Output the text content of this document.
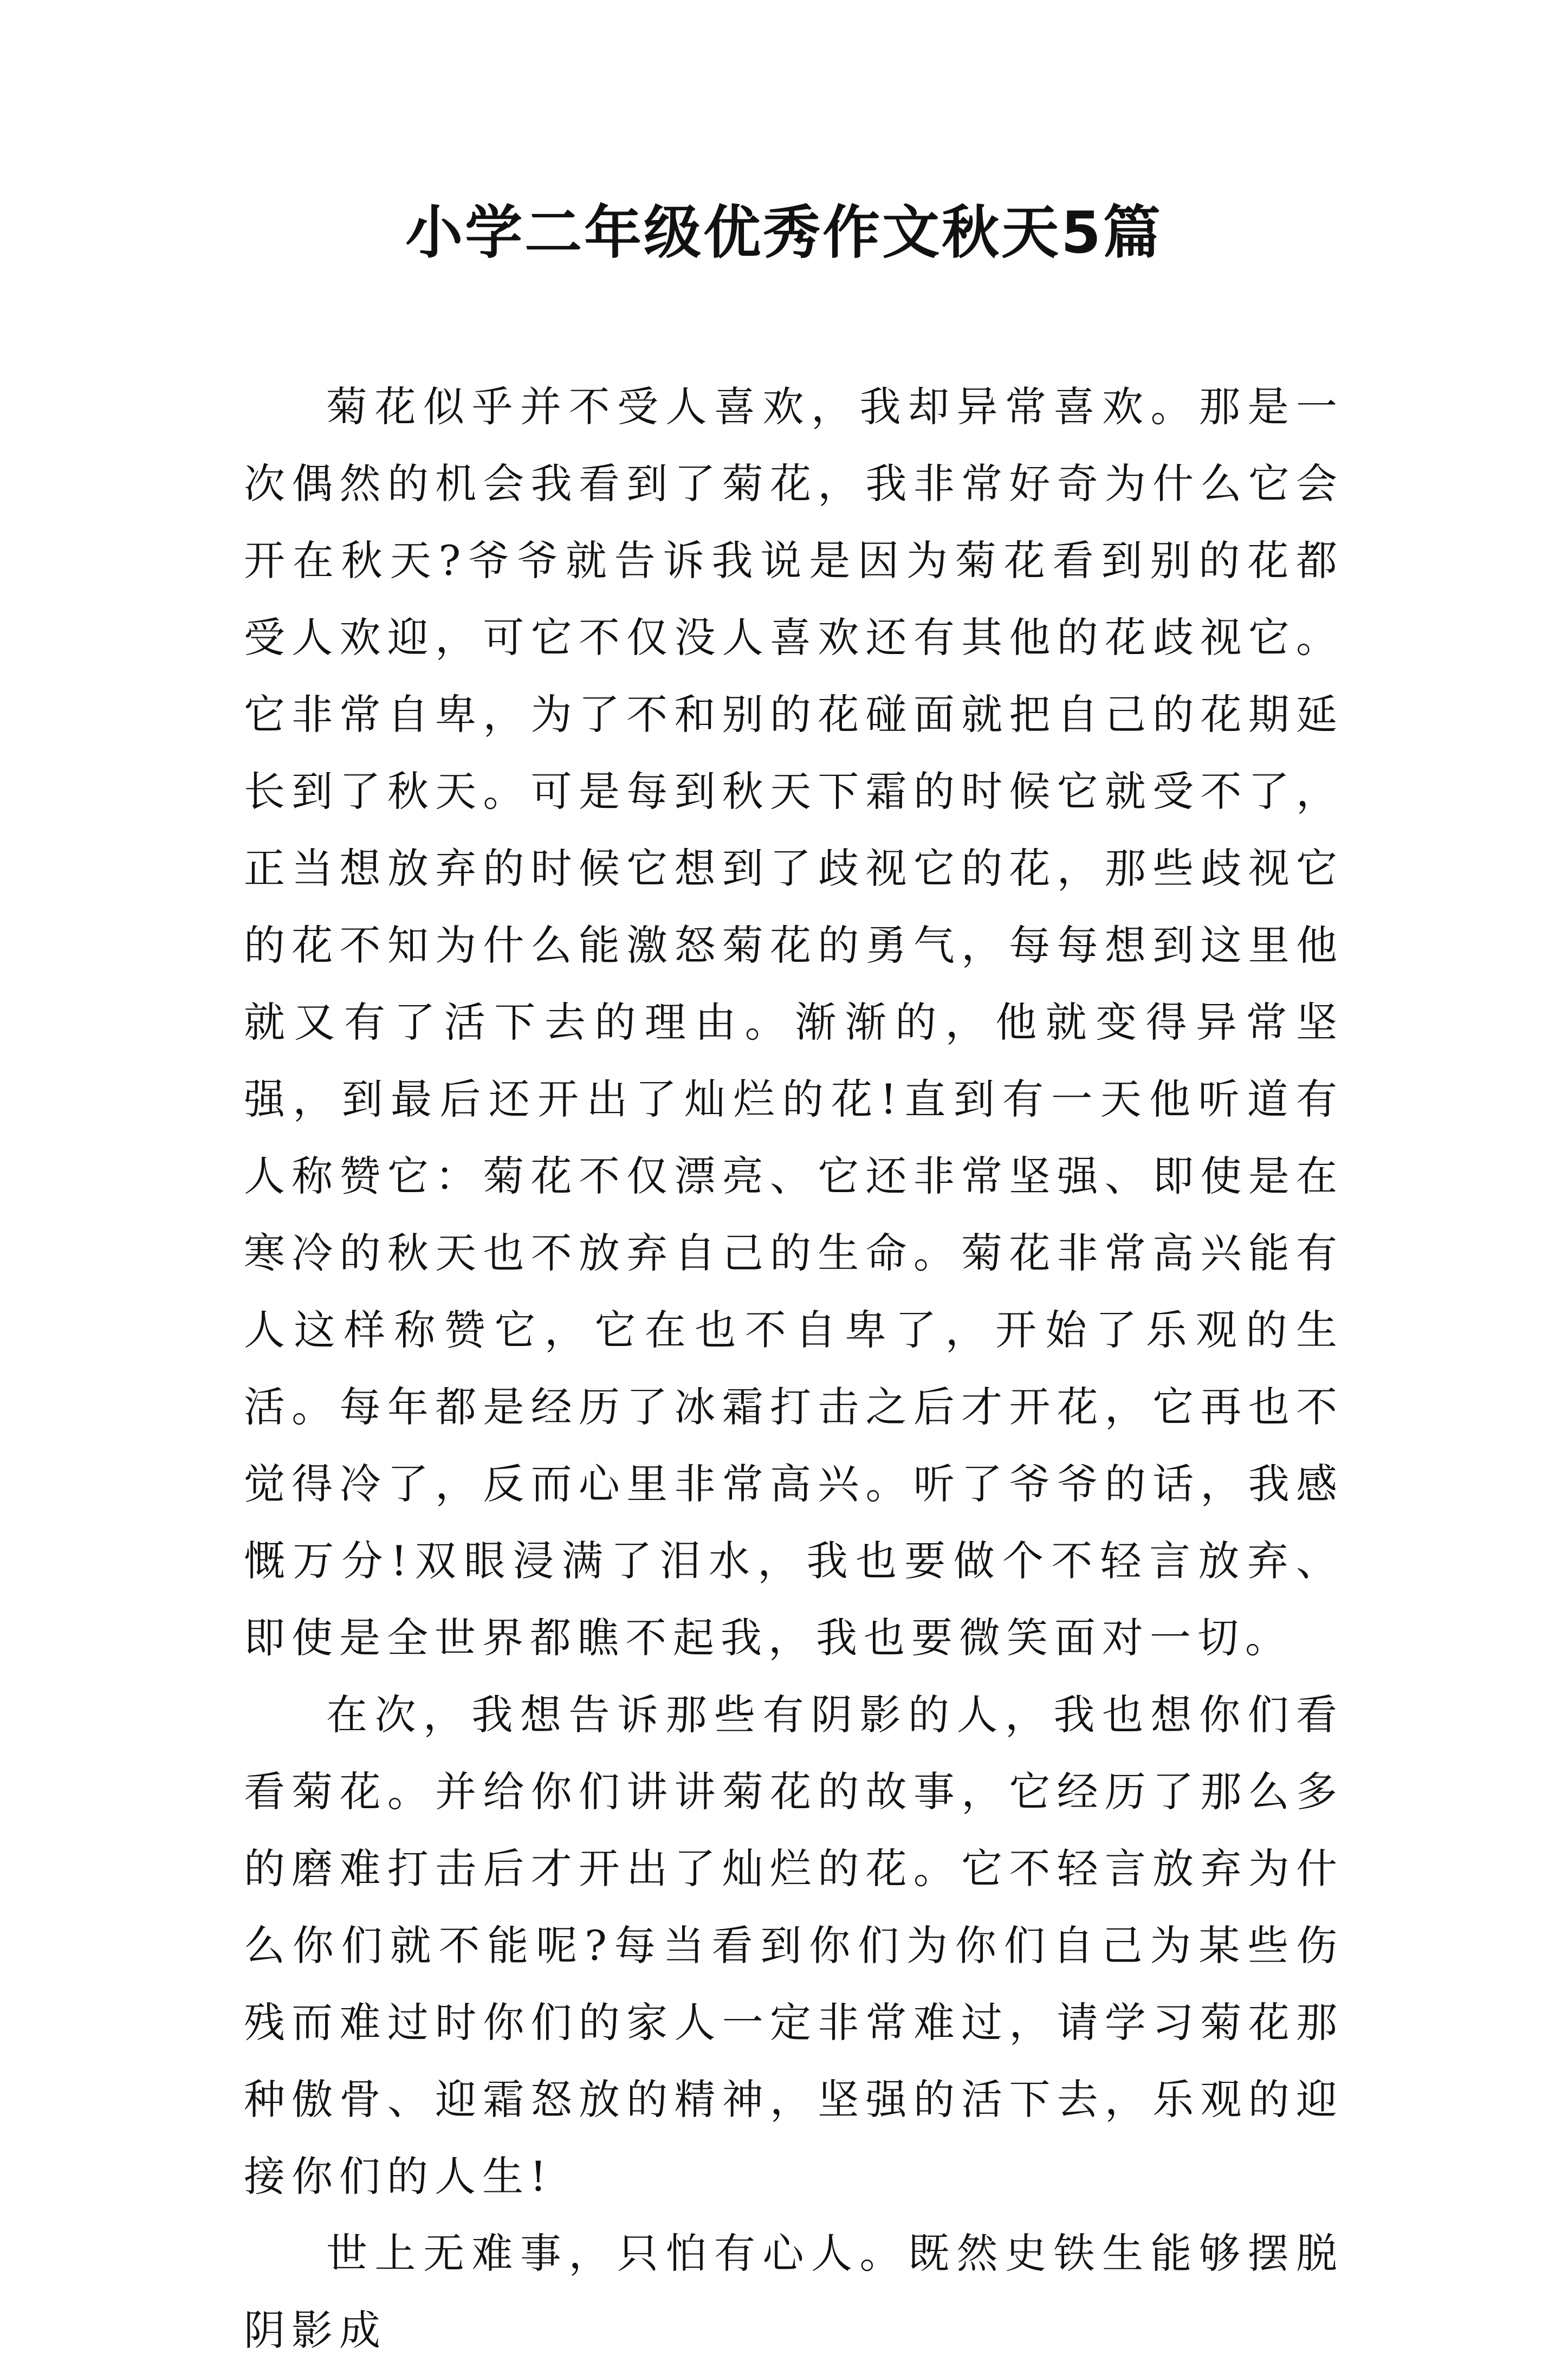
小学二年级优秀作文秋天5篇

菊花似乎并不受人喜欢，我却异常喜欢。那是一次偶然的机会我看到了菊花，我非常好奇为什么它会开在秋天?爷爷就告诉我说是因为菊花看到别的花都受人欢迎，可它不仅没人喜欢还有其他的花歧视它。它非常自卑，为了不和别的花碰面就把自己的花期延长到了秋天。可是每到秋天下霜的时候它就受不了，正当想放弃的时候它想到了歧视它的花，那些歧视它的花不知为什么能激怒菊花的勇气，每每想到这里他就又有了活下去的理由。渐渐的，他就变得异常坚强，到最后还开出了灿烂的花!直到有一天他听道有人称赞它：菊花不仅漂亮、它还非常坚强、即使是在寒冷的秋天也不放弃自己的生命。菊花非常高兴能有人这样称赞它，它在也不自卑了，开始了乐观的生活。每年都是经历了冰霜打击之后才开花，它再也不觉得冷了，反而心里非常高兴。听了爷爷的话，我感慨万分!双眼浸满了泪水，我也要做个不轻言放弃、即使是全世界都瞧不起我，我也要微笑面对一切。

在次，我想告诉那些有阴影的人，我也想你们看看菊花。并给你们讲讲菊花的故事，它经历了那么多的磨难打击后才开出了灿烂的花。它不轻言放弃为什么你们就不能呢?每当看到你们为你们自己为某些伤残而难过时你们的家人一定非常难过，请学习菊花那种傲骨、迎霜怒放的精神，坚强的活下去，乐观的迎接你们的人生!

世上无难事，只怕有心人。既然史铁生能够摆脱阴影成
